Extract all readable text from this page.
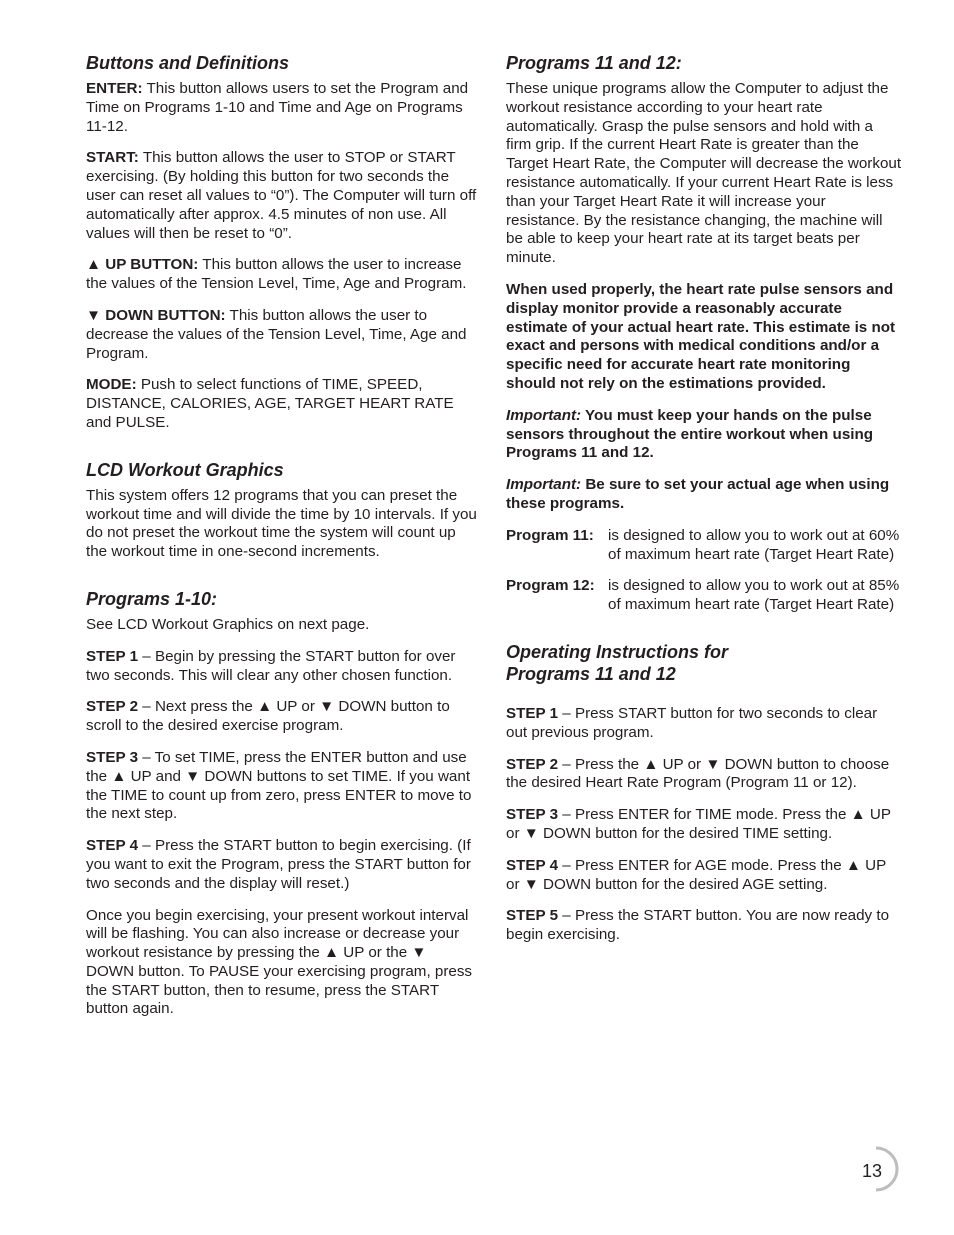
Buttons and Definitions

ENTER: This button allows users to set the Program and Time on Programs 1-10 and Time and Age on Programs 11-12.

START: This button allows the user to STOP or START exercising. (By holding this button for two seconds the user can reset all values to “0”). The Computer will turn off automatically after approx. 4.5 minutes of non use. All values will then be reset to “0”.

▲ UP BUTTON: This button allows the user to increase the values of the Tension Level, Time, Age and Program.

▼ DOWN BUTTON: This button allows the user to decrease the values of the Tension Level, Time, Age and Program.

MODE: Push to select functions of TIME, SPEED, DISTANCE, CALORIES, AGE, TARGET HEART RATE and PULSE.

LCD Workout Graphics

This system offers 12 programs that you can preset the workout time and will divide the time by 10 intervals. If you do not preset the workout time the system will count up the workout time in one-second increments.

Programs 1-10:

See LCD Workout Graphics on next page.

STEP 1 – Begin by pressing the START button for over two seconds. This will clear any other chosen function.

STEP 2 – Next press the ▲ UP or ▼ DOWN button to scroll to the desired exercise program.

STEP 3 – To set TIME, press the ENTER button and use the ▲ UP and ▼ DOWN buttons to set TIME. If you want the TIME to count up from zero, press ENTER to move to the next step.

STEP 4 – Press the START button to begin exercising. (If you want to exit the Program, press the START button for two seconds and the display will reset.)

Once you begin exercising, your present workout interval will be flashing. You can also increase or decrease your workout resistance by pressing the ▲ UP or the ▼ DOWN button. To PAUSE your exercising program, press the START button, then to resume, press the START button again.

Programs 11 and 12:

These unique programs allow the Computer to adjust the workout resistance according to your heart rate automatically. Grasp the pulse sensors and hold with a firm grip. If the current Heart Rate is greater than the Target Heart Rate, the Computer will decrease the workout resistance automatically. If your current Heart Rate is less than your Target Heart Rate it will increase your resistance. By the resistance changing, the machine will be able to keep your heart rate at its target beats per minute.

When used properly, the heart rate pulse sensors and display monitor provide a reasonably accurate estimate of your actual heart rate. This estimate is not exact and persons with medical conditions and/or a specific need for accurate heart rate monitoring should not rely on the estimations provided.

Important: You must keep your hands on the pulse sensors throughout the entire workout when using Programs 11 and 12.

Important: Be sure to set your actual age when using these programs.

Program 11: is designed to allow you to work out at 60% of maximum heart rate (Target Heart Rate)
Program 12: is designed to allow you to work out at 85% of maximum heart rate (Target Heart Rate)
Operating Instructions for
Programs 11 and 12

STEP 1 – Press START button for two seconds to clear out previous program.

STEP 2 – Press the ▲ UP or ▼ DOWN button to choose the desired Heart Rate Program (Program 11 or 12).

STEP 3 – Press ENTER for TIME mode. Press the ▲ UP or ▼ DOWN button for the desired TIME setting.

STEP 4 – Press ENTER for AGE mode. Press the ▲ UP or ▼ DOWN button for the desired AGE setting.

STEP 5 – Press the START button. You are now ready to begin exercising.

13
